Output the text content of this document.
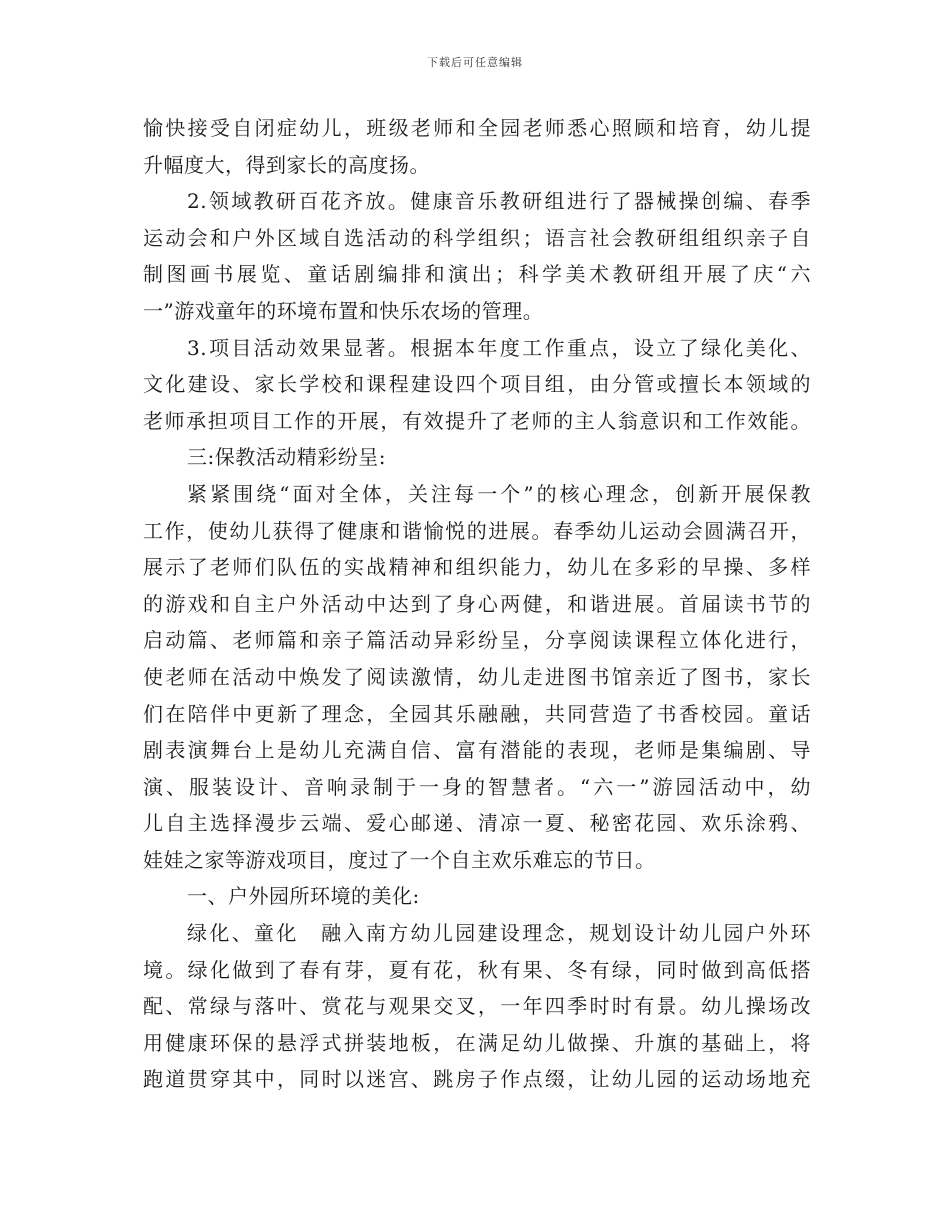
下载后可任意编辑
愉快接受自闭症幼儿，班级老师和全园老师悉心照顾和培育，幼儿提
升幅度大，得到家长的高度扬。
2.领域教研百花齐放。健康音乐教研组进行了器械操创编、春季
运动会和户外区域自选活动的科学组织；语言社会教研组组织亲子自
制图画书展览、童话剧编排和演出；科学美术教研组开展了庆“六
一”游戏童年的环境布置和快乐农场的管理。
3.项目活动效果显著。根据本年度工作重点，设立了绿化美化、
文化建设、家长学校和课程建设四个项目组，由分管或擅长本领域的
老师承担项目工作的开展，有效提升了老师的主人翁意识和工作效能。
三:保教活动精彩纷呈:
紧紧围绕“面对全体，关注每一个”的核心理念，创新开展保教
工作，使幼儿获得了健康和谐愉悦的进展。春季幼儿运动会圆满召开，
展示了老师们队伍的实战精神和组织能力，幼儿在多彩的早操、多样
的游戏和自主户外活动中达到了身心两健，和谐进展。首届读书节的
启动篇、老师篇和亲子篇活动异彩纷呈，分享阅读课程立体化进行，
使老师在活动中焕发了阅读激情，幼儿走进图书馆亲近了图书，家长
们在陪伴中更新了理念，全园其乐融融，共同营造了书香校园。童话
剧表演舞台上是幼儿充满自信、富有潜能的表现，老师是集编剧、导
演、服装设计、音响录制于一身的智慧者。“六一”游园活动中，幼
儿自主选择漫步云端、爱心邮递、清凉一夏、秘密花园、欢乐涂鸦、
娃娃之家等游戏项目，度过了一个自主欢乐难忘的节日。
一、户外园所环境的美化:
绿化、童化　融入南方幼儿园建设理念，规划设计幼儿园户外环
境。绿化做到了春有芽，夏有花，秋有果、冬有绿，同时做到高低搭
配、常绿与落叶、赏花与观果交叉，一年四季时时有景。幼儿操场改
用健康环保的悬浮式拼装地板，在满足幼儿做操、升旗的基础上，将
跑道贯穿其中，同时以迷宫、跳房子作点缀，让幼儿园的运动场地充
